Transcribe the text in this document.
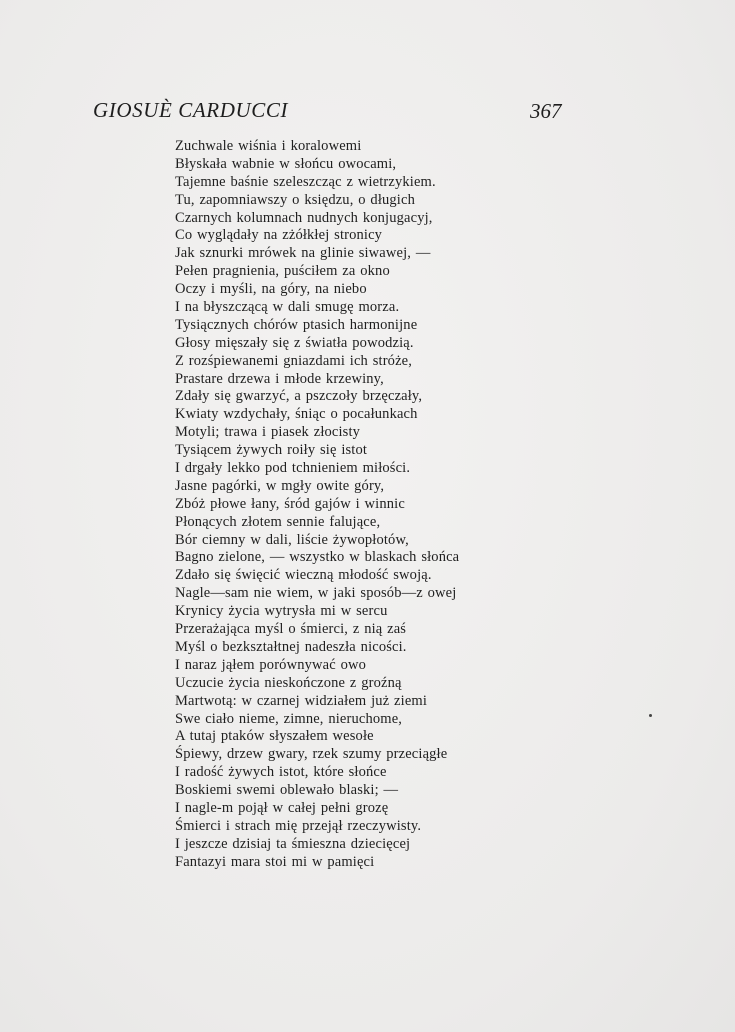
GIOSUÈ CARDUCCI	367
Zuchwale wiśnia i koralowemi
Błyskała wabnie w słońcu owocami,
Tajemne baśnie szeleszcząc z wietrzykiem.
Tu, zapomniawszy o księdzu, o długich
Czarnych kolumnach nudnych konjugacyj,
Co wyglądały na zżółkłej stronicy
Jak sznurki mrówek na glinie siwawej, —
Pełen pragnienia, puściłem za okno
Oczy i myśli, na góry, na niebo
I na błyszczącą w dali smugę morza.
Tysiącznych chórów ptasich harmonijne
Głosy mięszały się z światła powodzią.
Z rozśpiewanemi gniazdami ich stróże,
Prastare drzewa i młode krzewiny,
Zdały się gwarzyć, a pszczoły brzęczały,
Kwiaty wzdychały, śniąc o pocałunkach
Motyli; trawa i piasek złocisty
Tysiącem żywych roiły się istot
I drgały lekko pod tchnieniem miłości.
Jasne pagórki, w mgły owite góry,
Zbóż płowe łany, śród gajów i winnic
Płonących złotem sennie falujące,
Bór ciemny w dali, liście żywopłotów,
Bagno zielone, — wszystko w blaskach słońca
Zdało się święcić wieczną młodość swoją.
Nagle—sam nie wiem, w jaki sposób—z owej
Krynicy życia wytrysła mi w sercu
Przerażająca myśl o śmierci, z nią zaś
Myśl o bezkształtnej nadeszła nicości.
I naraz jąłem porównywać owo
Uczucie życia nieskończone z groźną
Martwotą: w czarnej widziałem już ziemi
Swe ciało nieme, zimne, nieruchome,
A tutaj ptaków słyszałem wesołe
Śpiewy, drzew gwary, rzek szumy przeciągłe
I radość żywych istot, które słońce
Boskiemi swemi oblewało blaski; —
I nagle-m pojął w całej pełni grozę
Śmierci i strach mię przejął rzeczywisty.
I jeszcze dzisiaj ta śmieszna dziecięcej
Fantazyi mara stoi mi w pamięci
